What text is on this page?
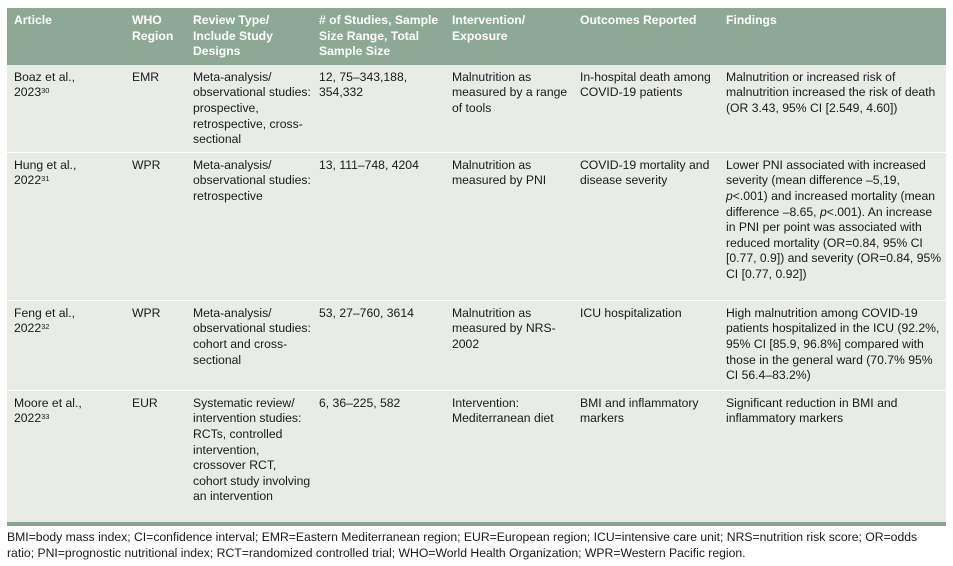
Article	WHO Region	Review Type/ Include Study Designs	# of Studies, Sample Size Range, Total Sample Size	Intervention/ Exposure	Outcomes Reported	Findings
Boaz et al.,
2023$^{30}$	EMR	Meta-analysis/ observational studies: prospective, retrospective, cross-sectional	12, 75–343,188, 354,332	Malnutrition as measured by a range of tools	In-hospital death among COVID-19 patients	Malnutrition or increased risk of malnutrition increased the risk of death (OR 3.43, 95% CI [2.549, 4.60])
Hung et al.,
2022$^{31}$	WPR	Meta-analysis/ observational studies: retrospective	13, 111–748, 4204	Malnutrition as measured by PNI	COVID-19 mortality and disease severity	Lower PNI associated with increased severity (mean difference –5,19, p<.001) and increased mortality (mean difference –8.65, p<.001). An increase in PNI per point was associated with reduced mortality (OR=0.84, 95% CI [0.77, 0.9]) and severity (OR=0.84, 95% CI [0.77, 0.92])
Feng et al.,
2022$^{32}$	WPR	Meta-analysis/ observational studies: cohort and cross-sectional	53, 27–760, 3614	Malnutrition as measured by NRS-2002	ICU hospitalization	High malnutrition among COVID-19 patients hospitalized in the ICU (92.2%, 95% CI [85.9, 96.8%] compared with those in the general ward (70.7% 95% CI 56.4–83.2%)
Moore et al.,
2022$^{33}$	EUR	Systematic review/ intervention studies: RCTs, controlled intervention, crossover RCT, cohort study involving an intervention	6, 36–225, 582	Intervention: Mediterranean diet	BMI and inflammatory markers	Significant reduction in BMI and inflammatory markers
BMI=body mass index; CI=confidence interval; EMR=Eastern Mediterranean region; EUR=European region; ICU=intensive care unit; NRS=nutrition risk score; OR=odds ratio; PNI=prognostic nutritional index; RCT=randomized controlled trial; WHO=World Health Organization; WPR=Western Pacific region.
